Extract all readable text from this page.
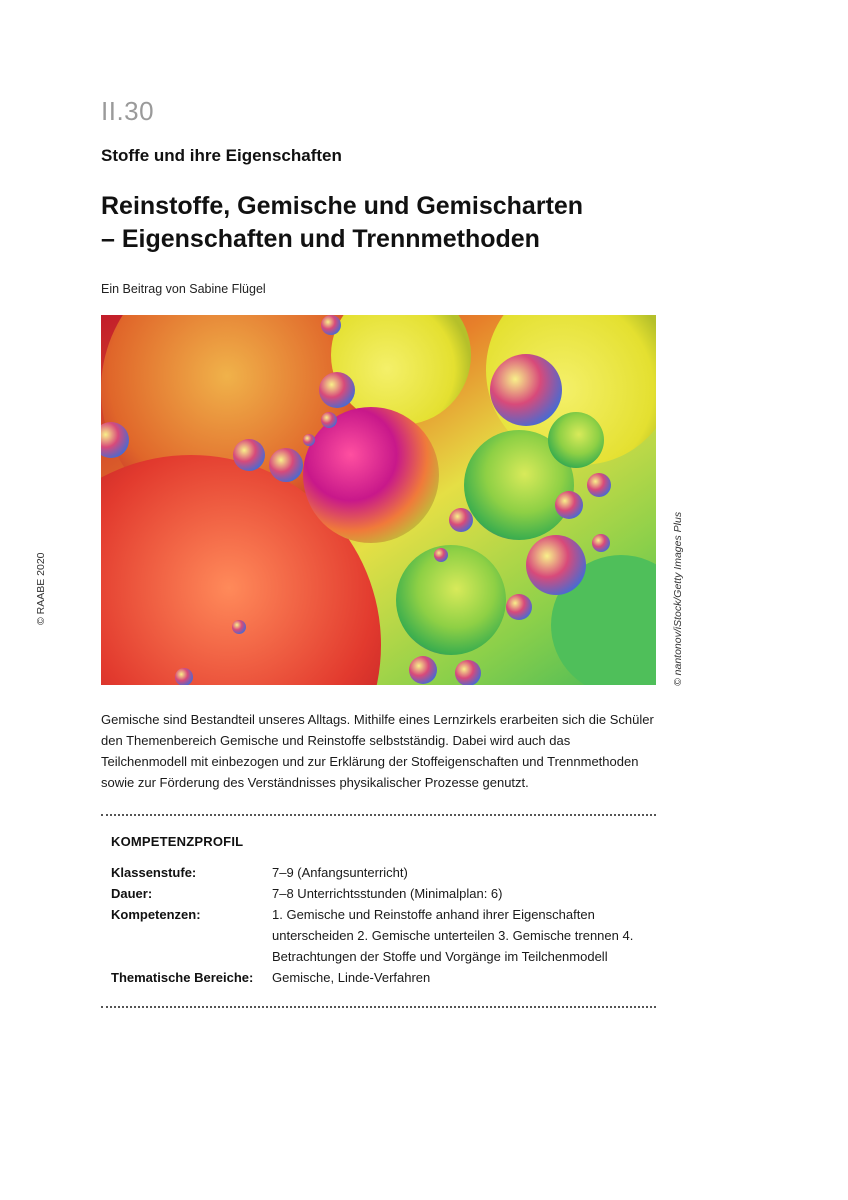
II.30
Stoffe und ihre Eigenschaften
Reinstoffe, Gemische und Gemischarten
– Eigenschaften und Trennmethoden
Ein Beitrag von Sabine Flügel
© RAABE 2020	© nantonov/iStock/Getty Images Plus

Gemische sind Bestandteil unseres Alltags. Mithilfe eines Lernzirkels erarbeiten sich die Schüler den Themenbereich Gemische und Reinstoffe selbstständig. Dabei wird auch das Teilchenmodell mit einbezogen und zur Erklärung der Stoffeigenschaften und Trennmethoden sowie zur Förderung des Verständnisses physikalischer Prozesse genutzt.

KOMPETENZPROFIL
Klassenstufe:	7–9 (Anfangsunterricht)
Dauer:	7–8 Unterrichtsstunden (Minimalplan: 6)
Kompetenzen:	1. Gemische und Reinstoffe anhand ihrer Eigenschaften unterscheiden 2. Gemische unterteilen 3. Gemische trennen 4. Betrachtungen der Stoffe und Vorgänge im Teilchenmodell
Thematische Bereiche:	Gemische, Linde-Verfahren
